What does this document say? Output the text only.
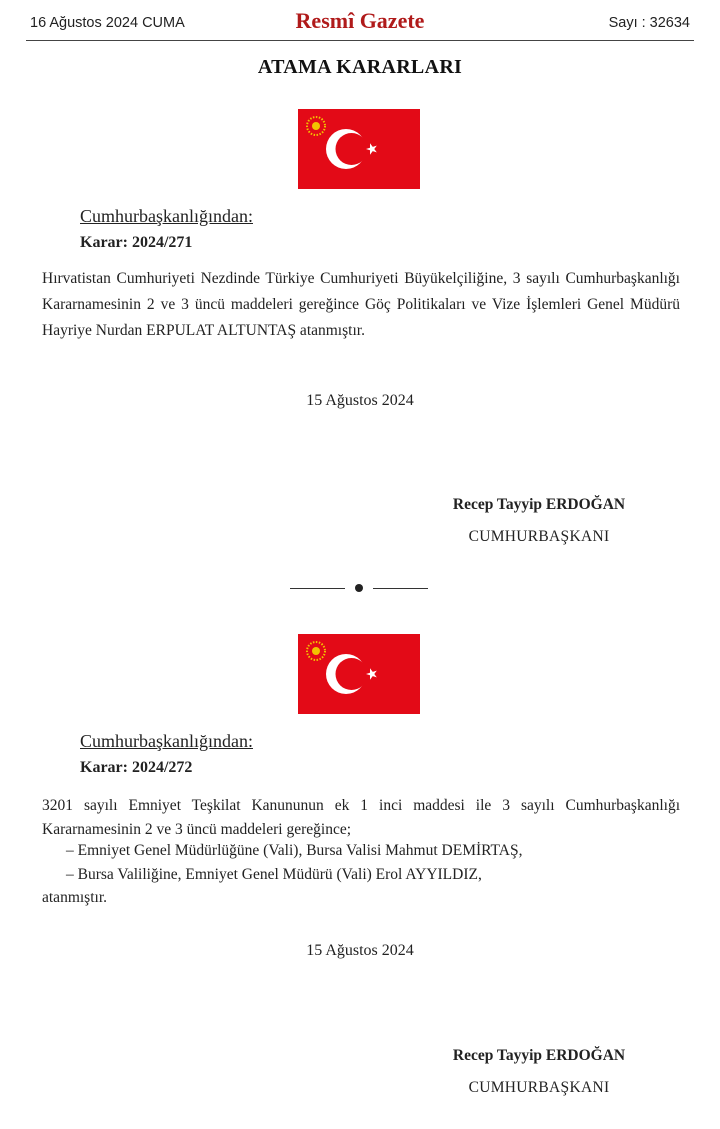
16 Ağustos 2024 CUMA	Resmî Gazete	Sayı : 32634
ATAMA KARARLARI
Cumhurbaşkanlığından:
Karar: 2024/271
Hırvatistan Cumhuriyeti Nezdinde Türkiye Cumhuriyeti Büyükelçiliğine, 3 sayılı Cumhurbaşkanlığı Kararnamesinin 2 ve 3 üncü maddeleri gereğince Göç Politikaları ve Vize İşlemleri Genel Müdürü Hayriye Nurdan ERPULAT ALTUNTAŞ atanmıştır.
15 Ağustos 2024
Recep Tayyip ERDOĞAN
CUMHURBAŞKANI
Cumhurbaşkanlığından:
Karar: 2024/272
3201 sayılı Emniyet Teşkilat Kanununun ek 1 inci maddesi ile 3 sayılı Cumhurbaşkanlığı Kararnamesinin 2 ve 3 üncü maddeleri gereğince;
– Emniyet Genel Müdürlüğüne (Vali), Bursa Valisi Mahmut DEMİRTAŞ,
– Bursa Valiliğine, Emniyet Genel Müdürü (Vali) Erol AYYILDIZ,
atanmıştır.
15 Ağustos 2024
Recep Tayyip ERDOĞAN
CUMHURBAŞKANI
